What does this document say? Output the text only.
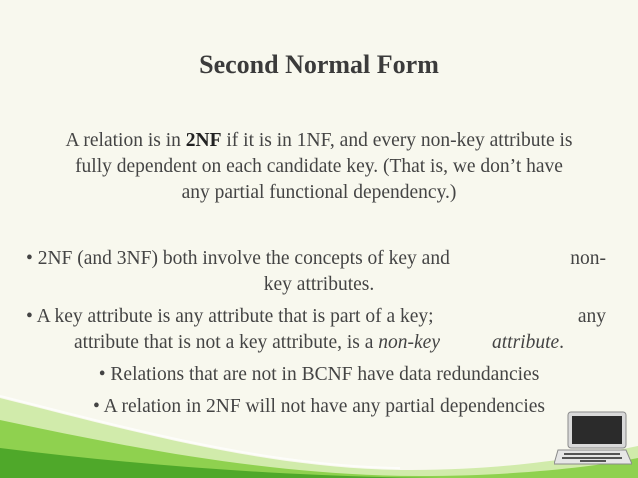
Second Normal Form
A relation is in 2NF if it is in 1NF, and every non-key attribute is
fully dependent on each candidate key. (That is, we don’t have
any partial functional dependency.)
• 2NF (and 3NF) both involve the concepts of key and	non-
key attributes.
• A key attribute is any attribute that is part of a key;	any
attribute that is not a key attribute, is a non-key	attribute.
• Relations that are not in BCNF have data redundancies
• A relation in 2NF will not have any partial dependencies
